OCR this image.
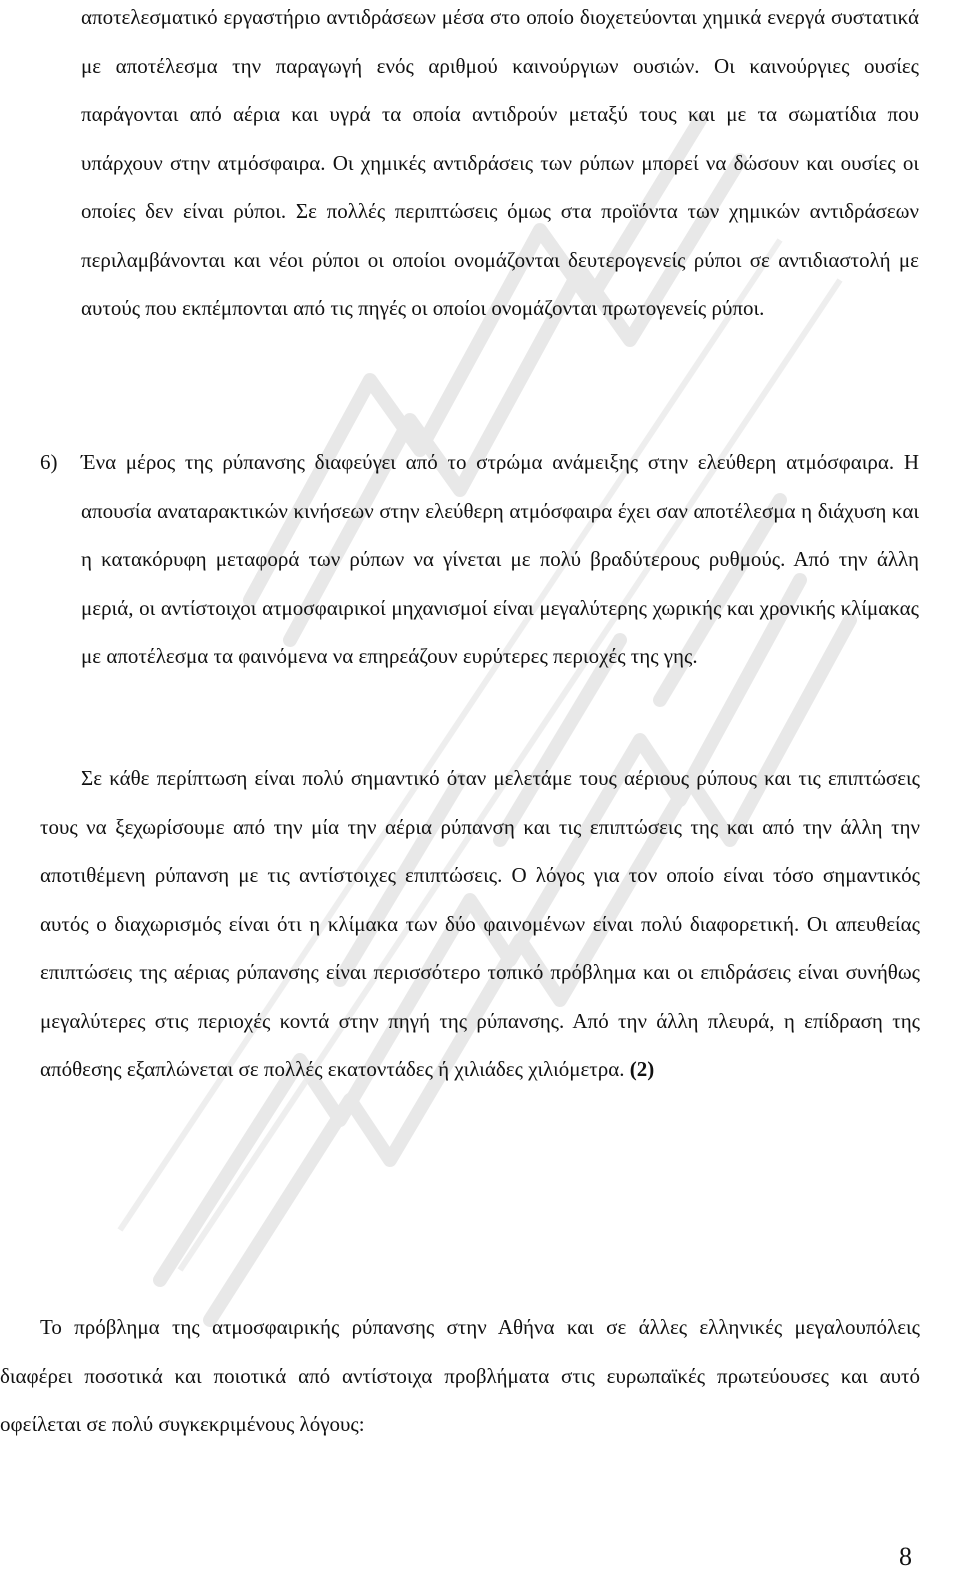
αποτελεσματικό εργαστήριο αντιδράσεων μέσα στο οποίο διοχετεύονται χημικά ενεργά συστατικά με αποτέλεσμα την παραγωγή ενός αριθμού καινούργιων ουσιών. Οι καινούργιες ουσίες παράγονται από αέρια και υγρά τα οποία αντιδρούν μεταξύ τους και με τα σωματίδια που υπάρχουν στην ατμόσφαιρα. Οι χημικές αντιδράσεις των ρύπων μπορεί να δώσουν και ουσίες οι οποίες δεν είναι ρύποι. Σε πολλές περιπτώσεις όμως στα προϊόντα των χημικών αντιδράσεων περιλαμβάνονται και νέοι ρύποι οι οποίοι ονομάζονται δευτερογενείς ρύποι σε αντιδιαστολή με αυτούς που εκπέμπονται από τις πηγές οι οποίοι ονομάζονται πρωτογενείς ρύποι.

6) Ένα μέρος της ρύπανσης διαφεύγει από το στρώμα ανάμειξης στην ελεύθερη ατμόσφαιρα. Η απουσία αναταρακτικών κινήσεων στην ελεύθερη ατμόσφαιρα έχει σαν αποτέλεσμα η διάχυση και η κατακόρυφη μεταφορά των ρύπων να γίνεται με πολύ βραδύτερους ρυθμούς. Από την άλλη μεριά, οι αντίστοιχοι ατμοσφαιρικοί μηχανισμοί είναι μεγαλύτερης χωρικής και χρονικής κλίμακας με αποτέλεσμα τα φαινόμενα να επηρεάζουν ευρύτερες περιοχές της γης.

Σε κάθε περίπτωση είναι πολύ σημαντικό όταν μελετάμε τους αέριους ρύπους και τις επιπτώσεις τους να ξεχωρίσουμε από την μία την αέρια ρύπανση και τις επιπτώσεις της και από την άλλη την αποτιθέμενη ρύπανση με τις αντίστοιχες επιπτώσεις. Ο λόγος για τον οποίο είναι τόσο σημαντικός αυτός ο διαχωρισμός είναι ότι η κλίμακα των δύο φαινομένων είναι πολύ διαφορετική. Οι απευθείας επιπτώσεις της αέριας ρύπανσης είναι περισσότερο τοπικό πρόβλημα και οι επιδράσεις είναι συνήθως μεγαλύτερες στις περιοχές κοντά στην πηγή της ρύπανσης. Από την άλλη πλευρά, η επίδραση της απόθεσης εξαπλώνεται σε πολλές εκατοντάδες ή χιλιάδες χιλιόμετρα. (2)

Το πρόβλημα της ατμοσφαιρικής ρύπανσης στην Αθήνα και σε άλλες ελληνικές μεγαλουπόλεις διαφέρει ποσοτικά και ποιοτικά από αντίστοιχα προβλήματα στις ευρωπαϊκές πρωτεύουσες και αυτό οφείλεται σε πολύ συγκεκριμένους λόγους:

8
